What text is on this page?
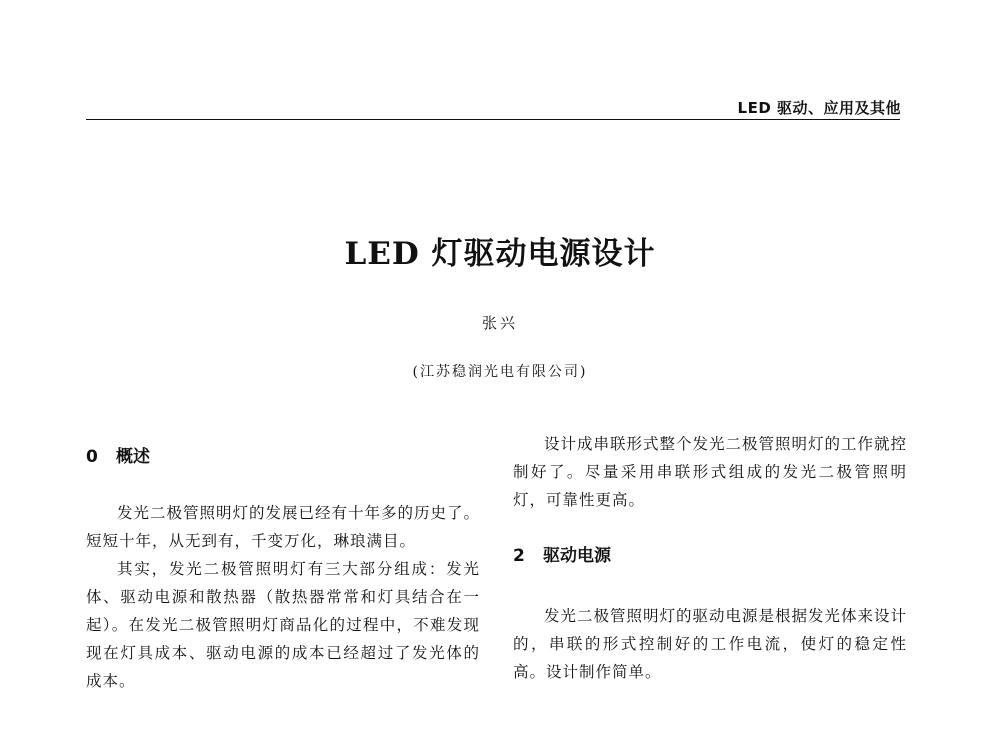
LED 驱动、应用及其他
LED 灯驱动电源设计
张兴
(江苏稳润光电有限公司)
0 概述

发光二极管照明灯的发展已经有十年多的历史了。短短十年，从无到有，千变万化，琳琅满目。

其实，发光二极管照明灯有三大部分组成：发光体、驱动电源和散热器（散热器常常和灯具结合在一起）。在发光二极管照明灯商品化的过程中，不难发现现在灯具成本、驱动电源的成本已经超过了发光体的成本。

设计成串联形式整个发光二极管照明灯的工作就控制好了。尽量采用串联形式组成的发光二极管照明灯，可靠性更高。

2 驱动电源

发光二极管照明灯的驱动电源是根据发光体来设计的，串联的形式控制好的工作电流，使灯的稳定性高。设计制作简单。
